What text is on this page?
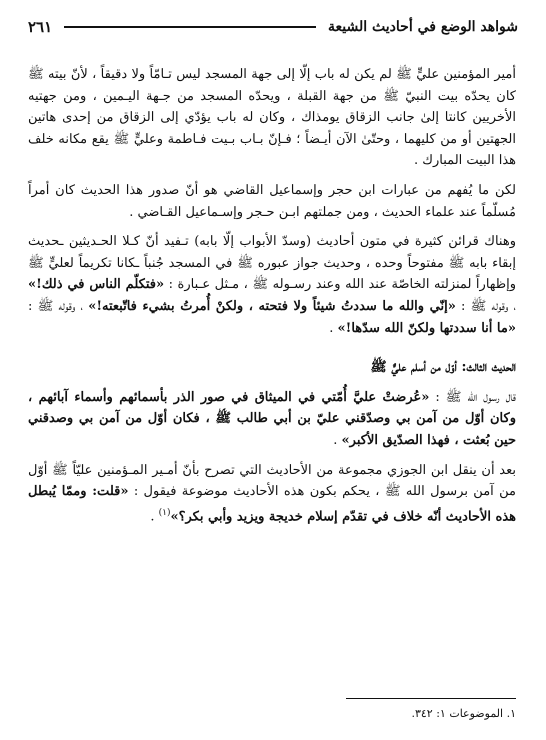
شواهد الوضع في أحاديث الشيعة
٢٦١

أمير المؤمنين عليٍّ ﷺ لم يكن له باب إلّا إلى جهة المسجد ليس تـامّاً ولا دقيقاً ، لأنّ بيته ﷺ كان يحدّه بيت النبيّ ﷺ من جهة القبلة ، ويحدّه المسجد من جـهة اليـمين ، ومن جهتيه الأخريين كانتا إلىٰ جانب الزقاق يومذاك ، وكان له باب يؤدّي إلى الزقاق من إحدى هاتين الجهتين أو من كليهما ، وحتّىٰ الآن أيـضاً ؛ فـإنّ بـاب بـيت فـاطمة وعليٍّ ﷺ يقع مكانه خلف هذا البيت المبارك .

لكن ما يُفهم من عبارات ابن حجر وإسماعيل القاضي هو أنّ صدور هذا الحديث كان أمراً مُسلّماً عند علماء الحديث ، ومن جملتهم ابـن حـجر وإسـماعيل القـاضي .

وهناك قرائن كثيرة في متون أحاديث (وسدّ الأبواب إلّا بابه) تـفيد أنّ كـلا الحـديثين ـحديث إبقاء بابه ﷺ مفتوحاً وحده ، وحديث جواز عبوره ﷺ في المسجد جُنباً ـكانا تكريماً لعليٍّ ﷺ وإظهاراً لمنزلته الخاصّة عند الله وعند رسـوله ﷺ ، مـثل عـبارة : «فتكلّم الناس في ذلك!» ، وقوله ﷺ : «إنّي والله ما سددتُ شيئاً ولا فتحته ، ولكنْ أُمرتُ بشيء فاتّبعته!» ، وقوله ﷺ : «ما أنا سددتها ولكنّ الله سدّها!» .

الحديث الثالث: أوّل من أسلم عليٌّ ﷺ

قال رسول الله ﷺ : «عُرضتْ عليَّ أُمّتي في الميثاق في صور الذر بأسمائهم وأسماء آبائهم ، وكان أوّل من آمن بي وصدّقني عليّ بن أبي طالب ﷺ ، فكان أوّل من آمن بي وصدقني حين بُعثت ، فهذا الصدّيق الأكبر» .

بعد أن ينقل ابن الجوزي مجموعة من الأحاديث التي تصرح بأنّ أمـير المـؤمنين عليّاً ﷺ أوّل من آمن برسول الله ﷺ ، يحكم بكون هذه الأحاديث موضوعة فيقول : «قلت: وممّا يُبطل هذه الأحاديث أنّه خلاف في تقدّم إسلام خديجة ويزيد وأبي بكر؟»$^{(١)}$ .

١. الموضوعات ١: ٣٤٢.
